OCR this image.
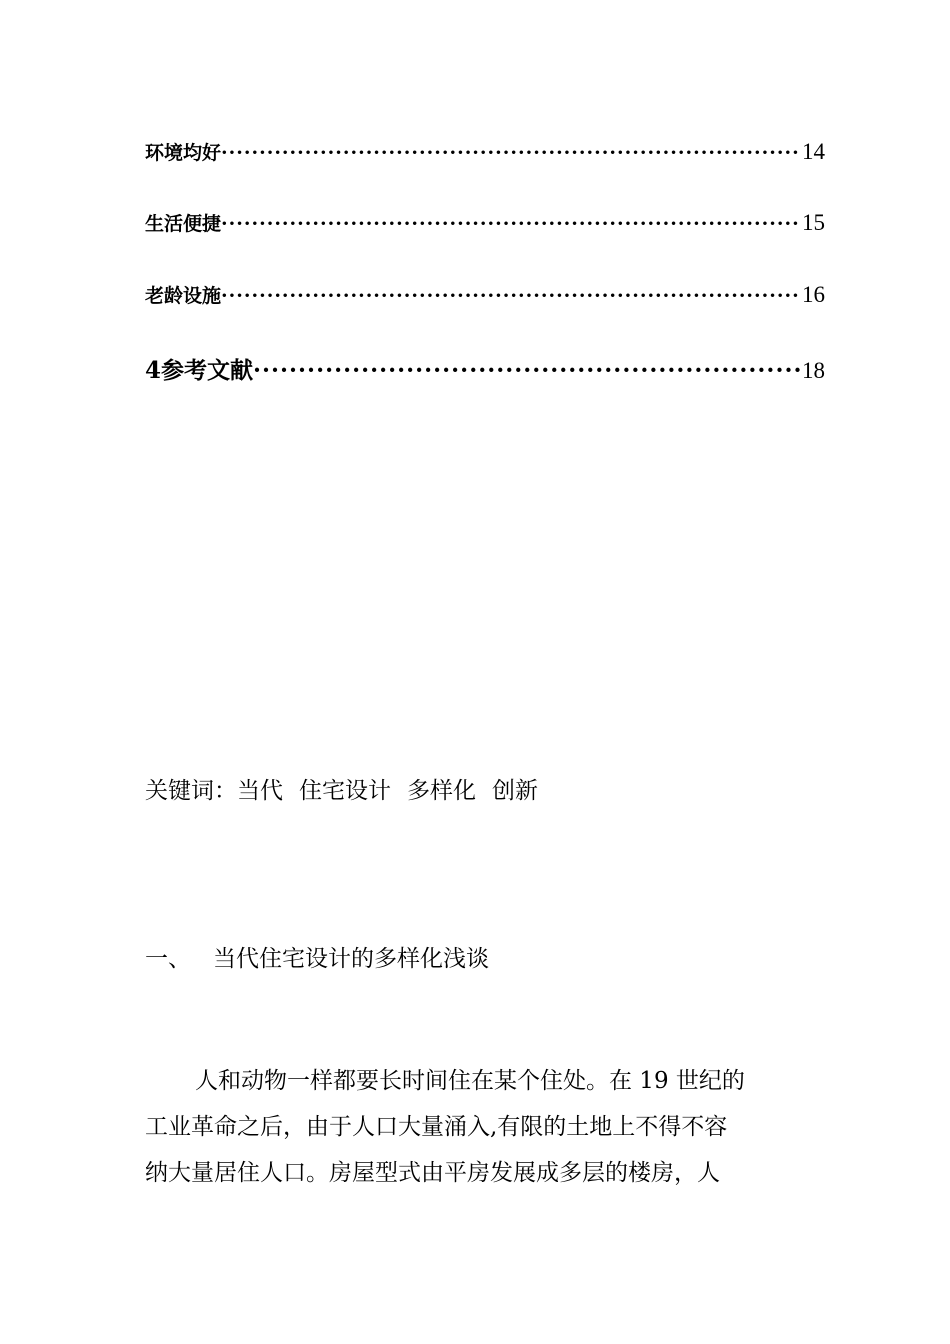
环境均好 ·····	14
生活便捷 ·····	15
老龄设施 ·····	16
4参考文献 ·····	18
关键词：当代 住宅设计 多样化 创新
一、 当代住宅设计的多样化浅谈
人和动物一样都要长时间住在某个住处。在 19 世纪的
工业革命之后，由于人口大量涌入,有限的土地上不得不容
纳大量居住人口。房屋型式由平房发展成多层的楼房，人
